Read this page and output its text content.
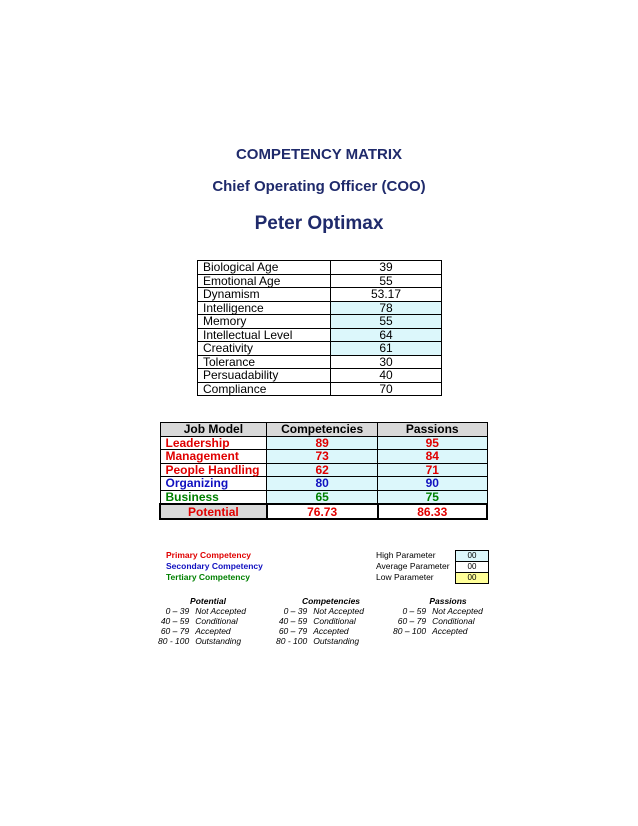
COMPETENCY MATRIX
Chief Operating Officer (COO)
Peter Optimax
Biological Age	39
Emotional Age	55
Dynamism	53.17
Intelligence	78
Memory	55
Intellectual Level	64
Creativity	61
Tolerance	30
Persuadability	40
Compliance	70
Job Model	Competencies	Passions
Leadership	89	95
Management	73	84
People Handling	62	71
Organizing	80	90
Business	65	75
Potential	76.73	86.33
Primary Competency
Secondary Competency
Tertiary Competency
High Parameter
Average Parameter
Low Parameter
00
00
00
Potential
0 – 39	Not Accepted
40 – 59	Conditional
60 – 79	Accepted
80 - 100	Outstanding
Competencies
0 – 39	Not Accepted
40 – 59	Conditional
60 – 79	Accepted
80 - 100	Outstanding
Passions
0 – 59	Not Accepted
60 – 79	Conditional
80 – 100	Accepted
